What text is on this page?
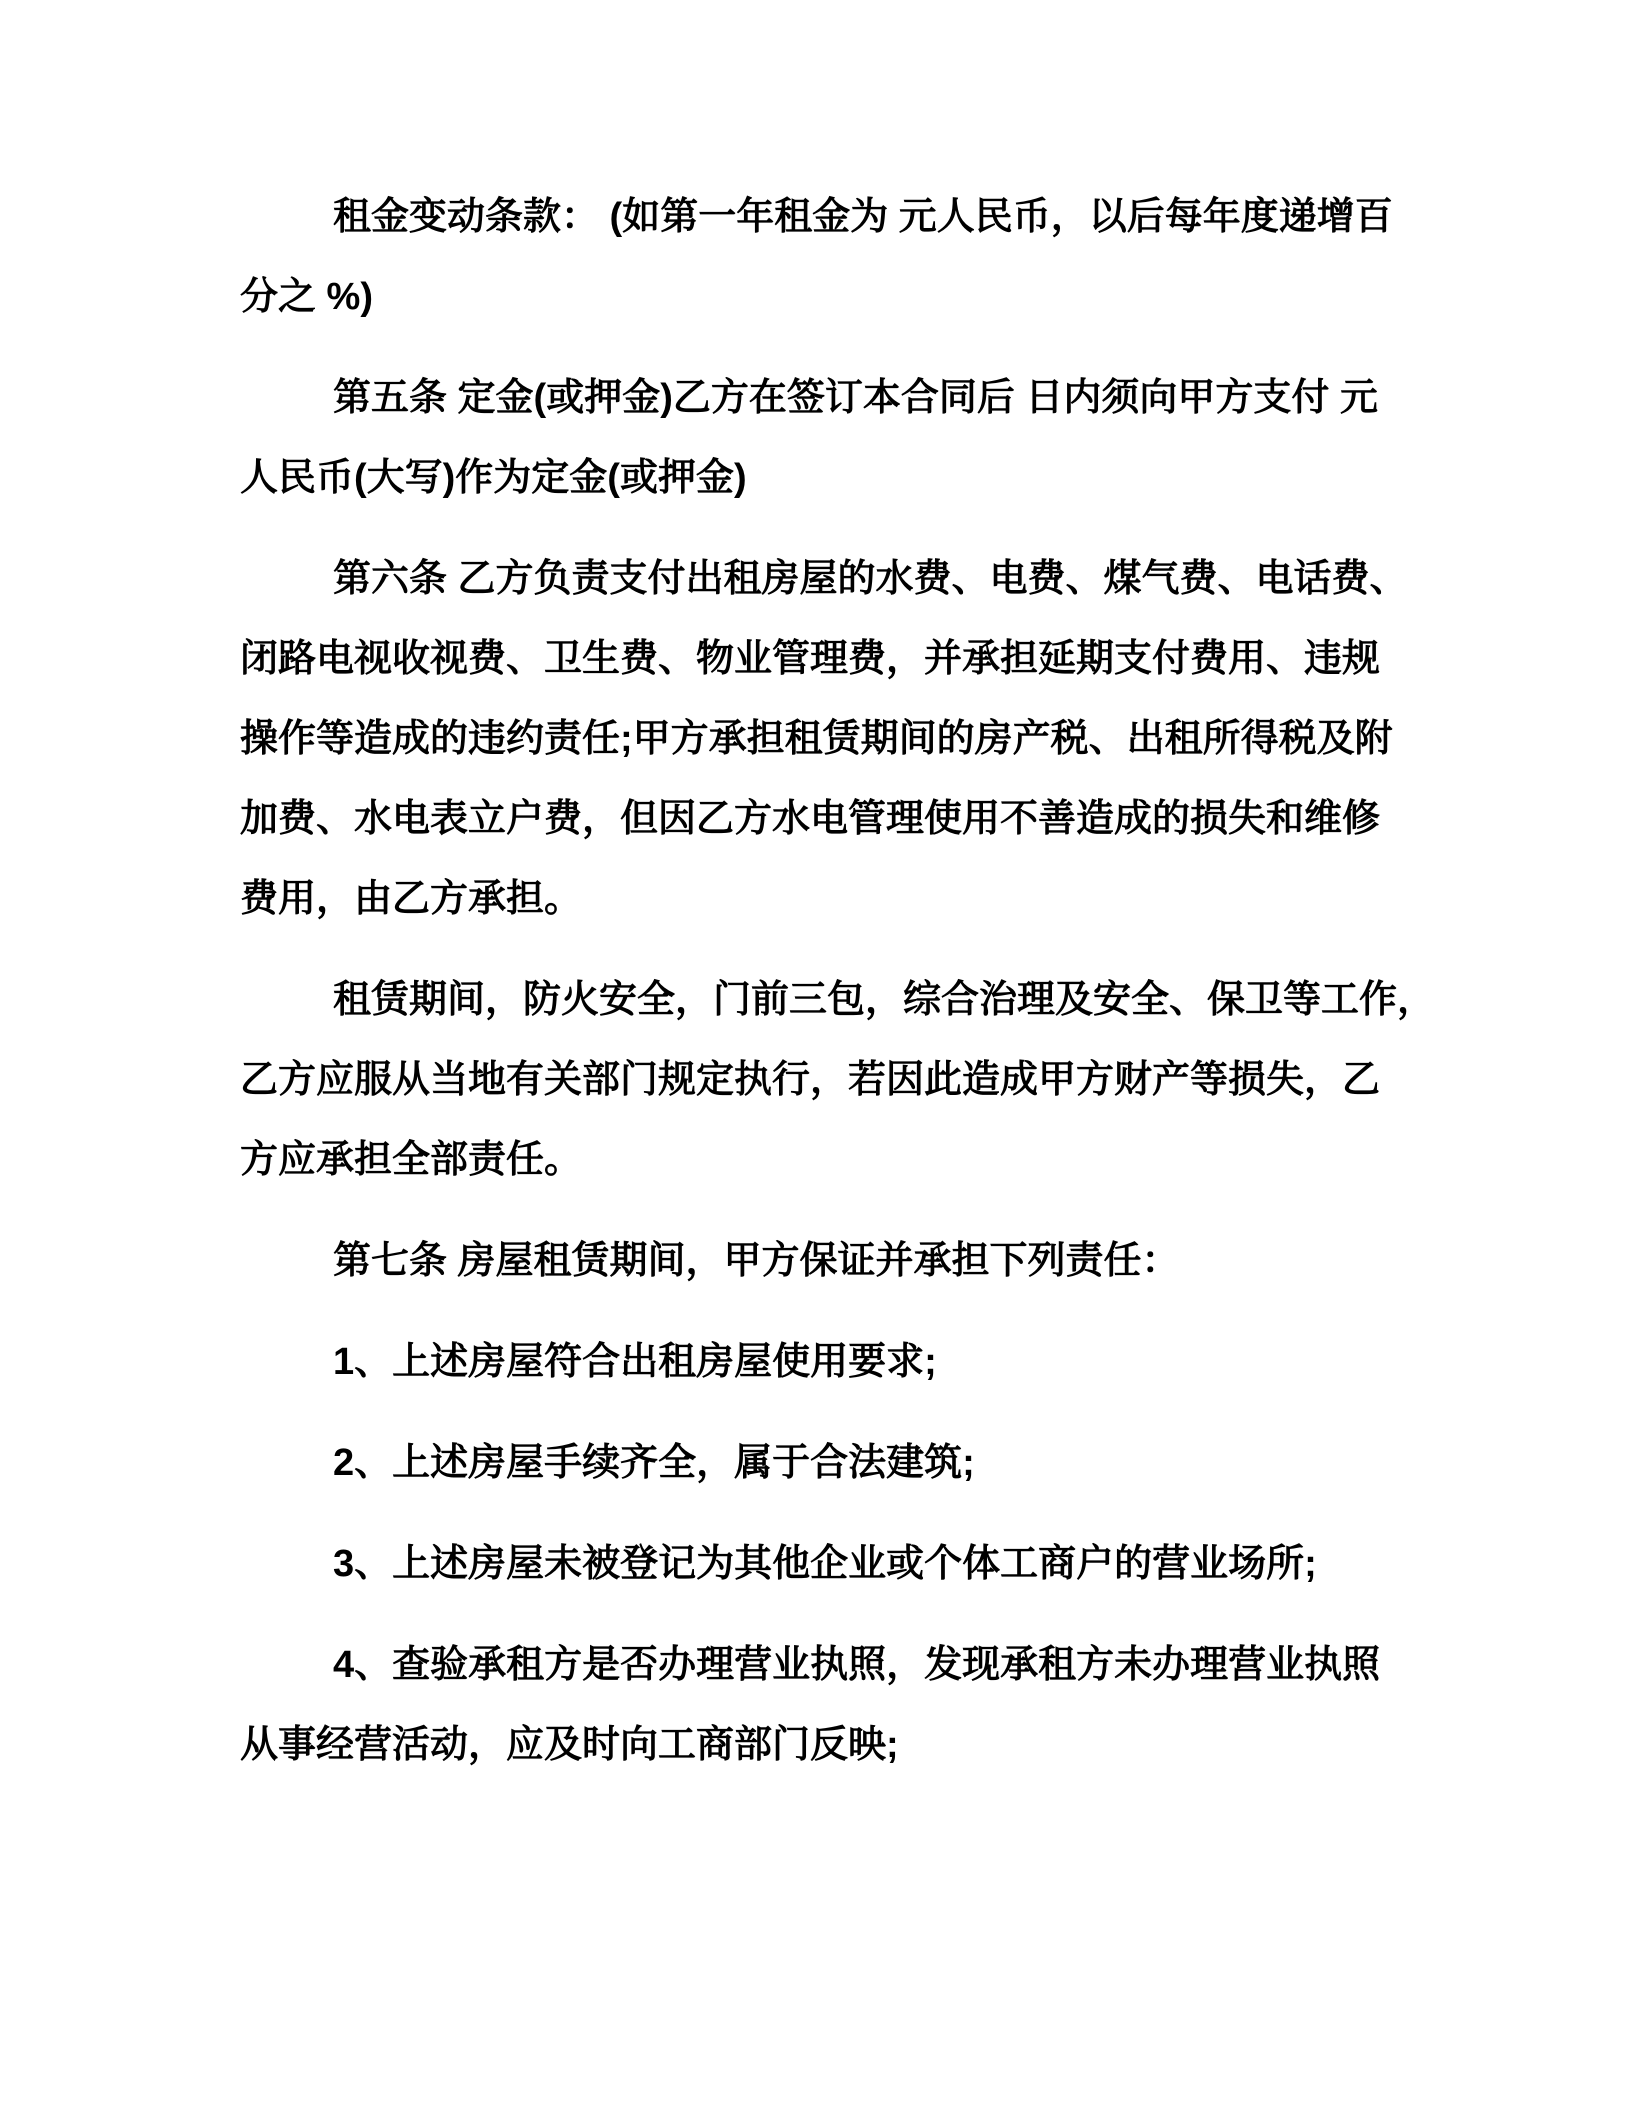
租金变动条款： (如第一年租金为 元人民币，以后每年度递增百
分之 %)
第五条 定金(或押金)乙方在签订本合同后 日内须向甲方支付 元
人民币(大写)作为定金(或押金)
第六条 乙方负责支付出租房屋的水费、电费、煤气费、电话费、
闭路电视收视费、卫生费、物业管理费，并承担延期支付费用、违规
操作等造成的违约责任;甲方承担租赁期间的房产税、出租所得税及附
加费、水电表立户费，但因乙方水电管理使用不善造成的损失和维修
费用，由乙方承担。
租赁期间，防火安全，门前三包，综合治理及安全、保卫等工作，
乙方应服从当地有关部门规定执行，若因此造成甲方财产等损失，乙
方应承担全部责任。
第七条 房屋租赁期间，甲方保证并承担下列责任：
1、上述房屋符合出租房屋使用要求;
2、上述房屋手续齐全，属于合法建筑;
3、上述房屋未被登记为其他企业或个体工商户的营业场所;
4、查验承租方是否办理营业执照，发现承租方未办理营业执照
从事经营活动，应及时向工商部门反映;
